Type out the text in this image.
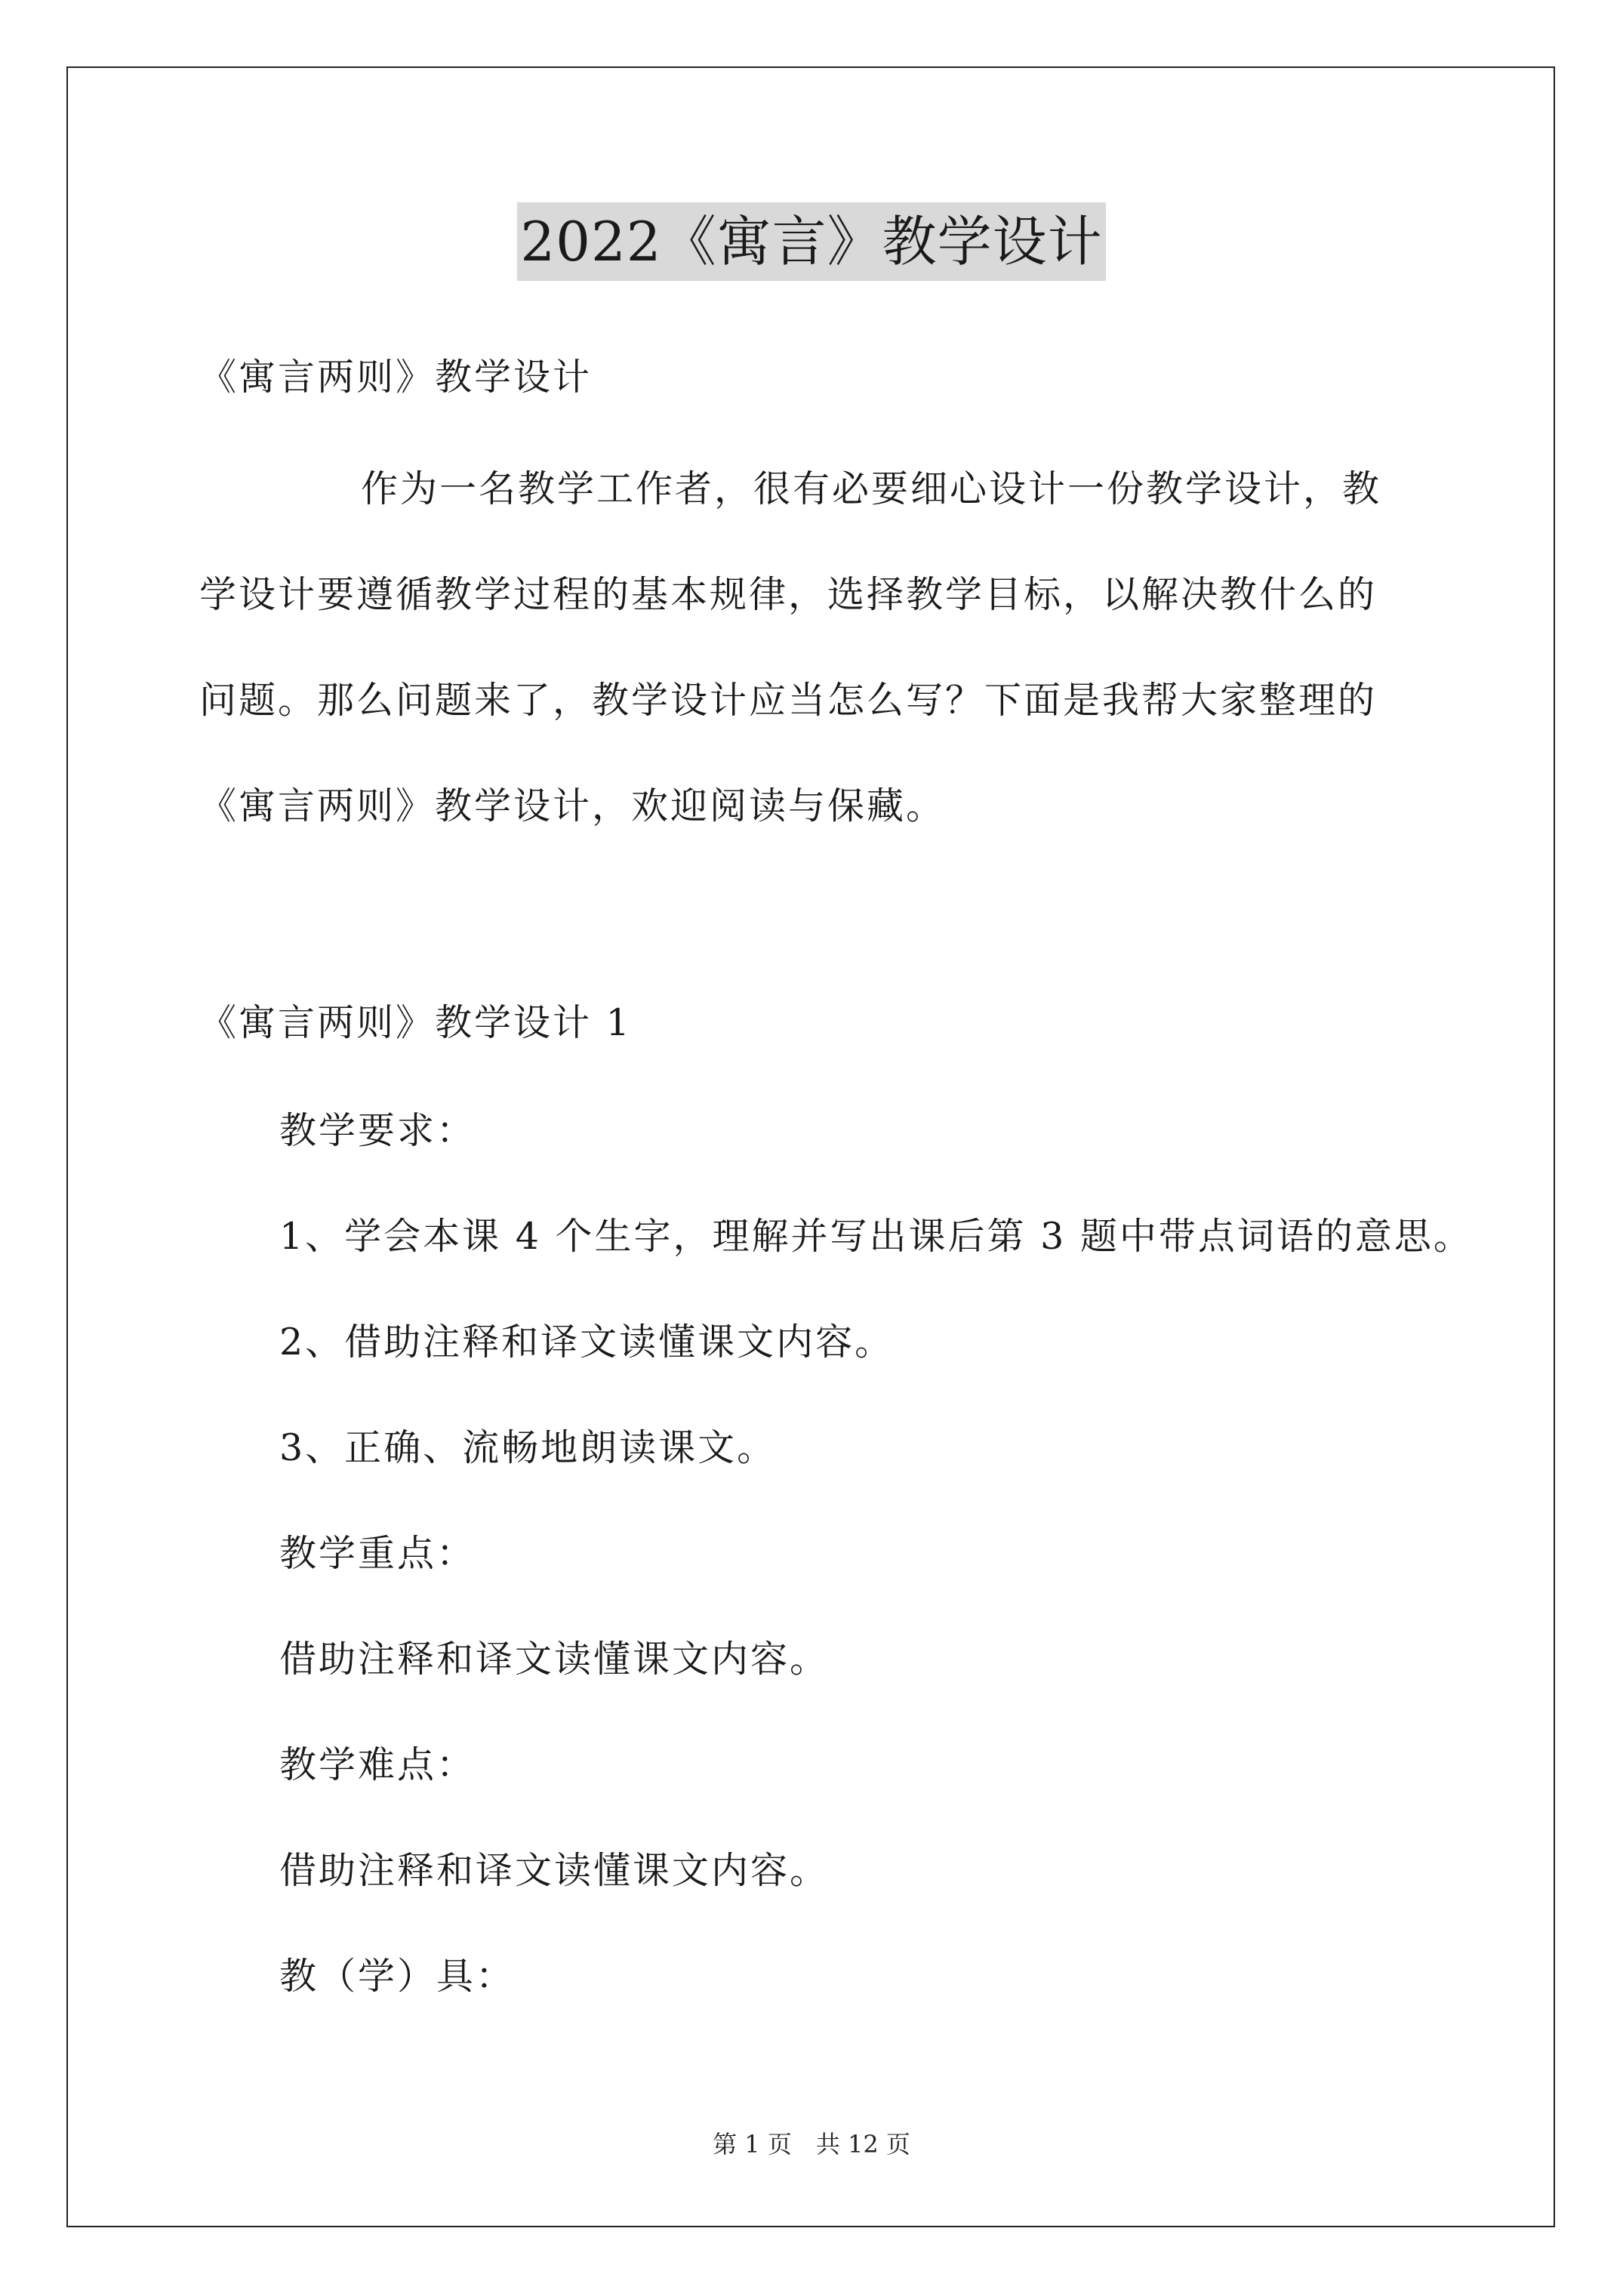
2022《寓言》教学设计
《寓言两则》教学设计
作为一名教学工作者，很有必要细心设计一份教学设计，教
学设计要遵循教学过程的基本规律，选择教学目标，以解决教什么的
问题。那么问题来了，教学设计应当怎么写？下面是我帮大家整理的
《寓言两则》教学设计，欢迎阅读与保藏。
《寓言两则》教学设计 1
教学要求：
1、学会本课 4 个生字，理解并写出课后第 3 题中带点词语的意思。
2、借助注释和译文读懂课文内容。
3、正确、流畅地朗读课文。
教学重点：
借助注释和译文读懂课文内容。
教学难点：
借助注释和译文读懂课文内容。
教（学）具：
第 1 页　共 12 页
